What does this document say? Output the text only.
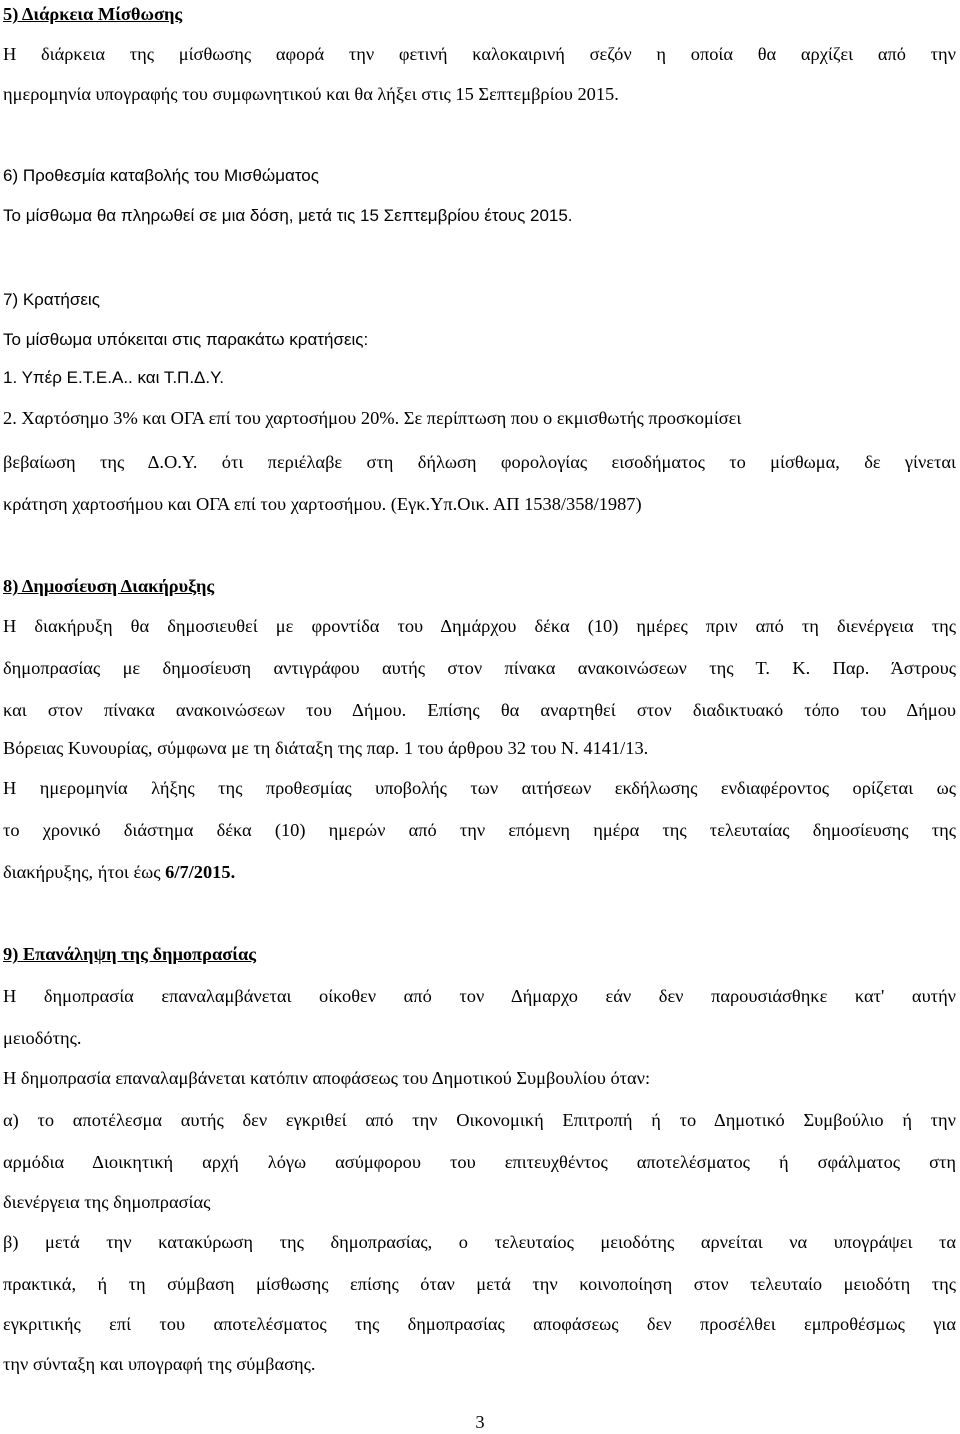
5) Διάρκεια Μίσθωσης
Η διάρκεια της μίσθωσης αφορά την φετινή καλοκαιρινή σεζόν η οποία θα αρχίζει από την
ημερομηνία υπογραφής του συμφωνητικού και θα λήξει στις 15 Σεπτεμβρίου 2015.
6) Προθεσμία καταβολής του Μισθώματος
Το μίσθωμα θα πληρωθεί σε μια δόση, μετά τις 15 Σεπτεμβρίου έτους 2015.
7) Κρατήσεις
Το μίσθωμα υπόκειται στις παρακάτω κρατήσεις:
1. Υπέρ Ε.Τ.Ε.Α.. και Τ.Π.Δ.Υ.
2. Χαρτόσημο 3% και ΟΓΑ επί του χαρτοσήμου 20%. Σε περίπτωση που ο εκμισθωτής προσκομίσει
βεβαίωση της Δ.Ο.Υ. ότι περιέλαβε στη δήλωση φορολογίας εισοδήματος το μίσθωμα, δε γίνεται
κράτηση χαρτοσήμου και ΟΓΑ επί του χαρτοσήμου. (Εγκ.Υπ.Οικ. ΑΠ 1538/358/1987)
8) Δημοσίευση Διακήρυξης
Η διακήρυξη θα δημοσιευθεί με φροντίδα του Δημάρχου δέκα (10) ημέρες πριν από τη διενέργεια της
δημοπρασίας με δημοσίευση αντιγράφου αυτής στον πίνακα ανακοινώσεων της Τ. Κ. Παρ. Άστρους
και στον πίνακα ανακοινώσεων του Δήμου. Επίσης θα αναρτηθεί στον διαδικτυακό τόπο του Δήμου
Βόρειας Κυνουρίας, σύμφωνα με τη διάταξη της παρ. 1 του άρθρου 32 του Ν. 4141/13.
Η ημερομηνία λήξης της προθεσμίας υποβολής των αιτήσεων εκδήλωσης ενδιαφέροντος ορίζεται ως
το χρονικό διάστημα δέκα (10) ημερών από την επόμενη ημέρα της τελευταίας δημοσίευσης της
διακήρυξης, ήτοι έως 6/7/2015.
9) Επανάληψη της δημοπρασίας
Η δημοπρασία επαναλαμβάνεται οίκοθεν από τον Δήμαρχο εάν δεν παρουσιάσθηκε κατ' αυτήν
μειοδότης.
Η δημοπρασία επαναλαμβάνεται κατόπιν αποφάσεως του Δημοτικού Συμβουλίου όταν:
α) το αποτέλεσμα αυτής δεν εγκριθεί από την Οικονομική Επιτροπή ή το Δημοτικό Συμβούλιο ή την
αρμόδια Διοικητική αρχή λόγω ασύμφορου του επιτευχθέντος αποτελέσματος ή σφάλματος στη
διενέργεια της δημοπρασίας
β) μετά την κατακύρωση της δημοπρασίας, ο τελευταίος μειοδότης αρνείται να υπογράψει τα
πρακτικά, ή τη σύμβαση μίσθωσης επίσης όταν μετά την κοινοποίηση στον τελευταίο μειοδότη της
εγκριτικής επί του αποτελέσματος της δημοπρασίας αποφάσεως δεν προσέλθει εμπροθέσμως για
την σύνταξη και υπογραφή της σύμβασης.
3
